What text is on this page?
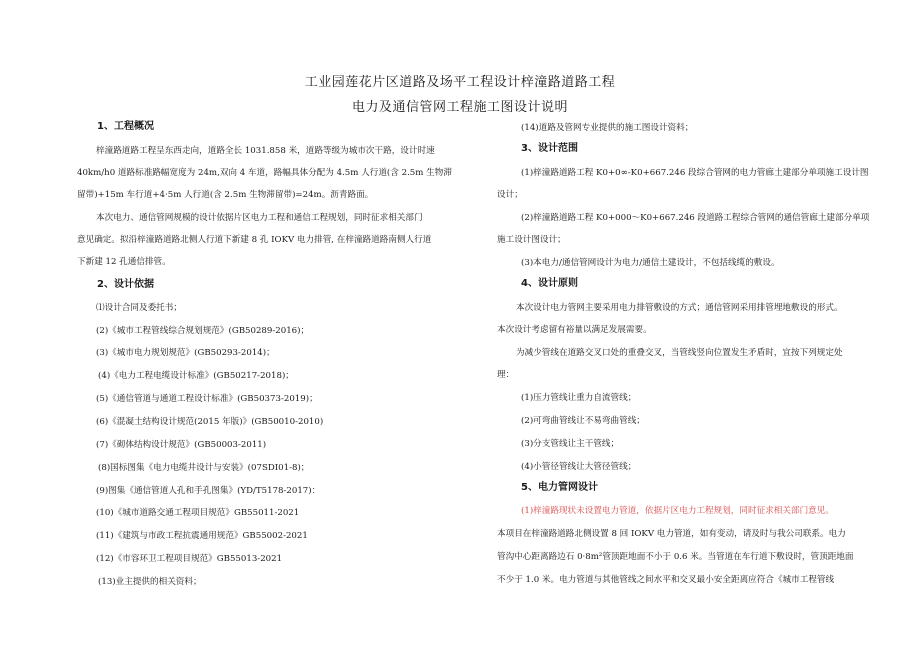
工业园莲花片区道路及场平工程设计梓潼路道路工程
电力及通信管网工程施工图设计说明
1、工程概况
梓潼路道路工程呈东西走向，道路全长 1031.858 米，道路等级为城市次干路，设计时速
40km/h0 道路标准路幅宽度为 24m,双向 4 车道，路幅具体分配为 4.5m 人行道(含 2.5m 生物滞
留带)+15m 车行道+4·5m 人行道(含 2.5m 生物滞留带)=24m。沥青路面。
本次电力、通信管网规模的设计依据片区电力工程和通信工程规划，同时征求相关部门
意见确定。拟沿梓潼路道路北侧人行道下新建 8 孔 IOKV 电力排管, 在梓潼路道路南侧人行道
下新建 12 孔通信排管。
2、设计依据
⑴设计合同及委托书；
(2)《城市工程管线综合规划规范》(GB50289-2016)；
(3)《城市电力规划规范》(GB50293-2014)；
(4)《电力工程电缆设计标准》(GB50217-2018)；
(5)《通信管道与通道工程设计标准》(GB50373-2019)；
(6)《混凝土结构设计规范(2015 年版)》(GB50010-2010)
(7)《砌体结构设计规范》(GB50003-2011)
(8)国标图集《电力电缆井设计与安装》(07SDI01-8)；
(9)图集《通信管道人孔和手孔图集》(YD/T5178-2017)：
(10)《城市道路交通工程项目规范》GB55011-2021
(11)《建筑与市政工程抗震通用规范》GB55002-2021
(12)《市容环卫工程项目规范》GB55013-2021
(13)业主提供的相关资料；
(14)道路及管网专业提供的施工图设计资料；
3、设计范围
(1)梓潼路道路工程 K0+0∞-K0+667.246 段综合管网的电力管廊土建部分单项施工设计图
设计；
(2)梓潼路道路工程 K0+000～K0+667.246 段道路工程综合管网的通信管廊土建部分单项
施工设计图设计；
(3)本电力/通信管网设计为电力/通信土建设计，不包括线缆的敷设。
4、设计原则
本次设计电力管网主要采用电力排管敷设的方式；通信管网采用排管埋地敷设的形式。
本次设计考虑留有裕量以满足发展需要。
为减少管线在道路交叉口处的重叠交叉，当管线竖向位置发生矛盾时，宜按下列规定处
理：
(1)压力管线让重力自流管线；
(2)可弯曲管线让不易弯曲管线；
(3)分支管线让主干管线；
(4)小管径管线让大管径管线；
5、电力管网设计
(1)梓潼路现状未设置电力管道，依据片区电力工程规划，同时征求相关部门意见。
本项目在梓潼路道路北侧设置 8 回 IOKV 电力管道，如有变动，请及时与我公司联系。电力
管沟中心距离路边石 0·8m²管顶距地面不小于 0.6 米。当管道在车行道下敷设时，管顶距地面
不少于 1.0 米。电力管道与其他管线之间水平和交叉最小安全距离应符合《城市工程管线
